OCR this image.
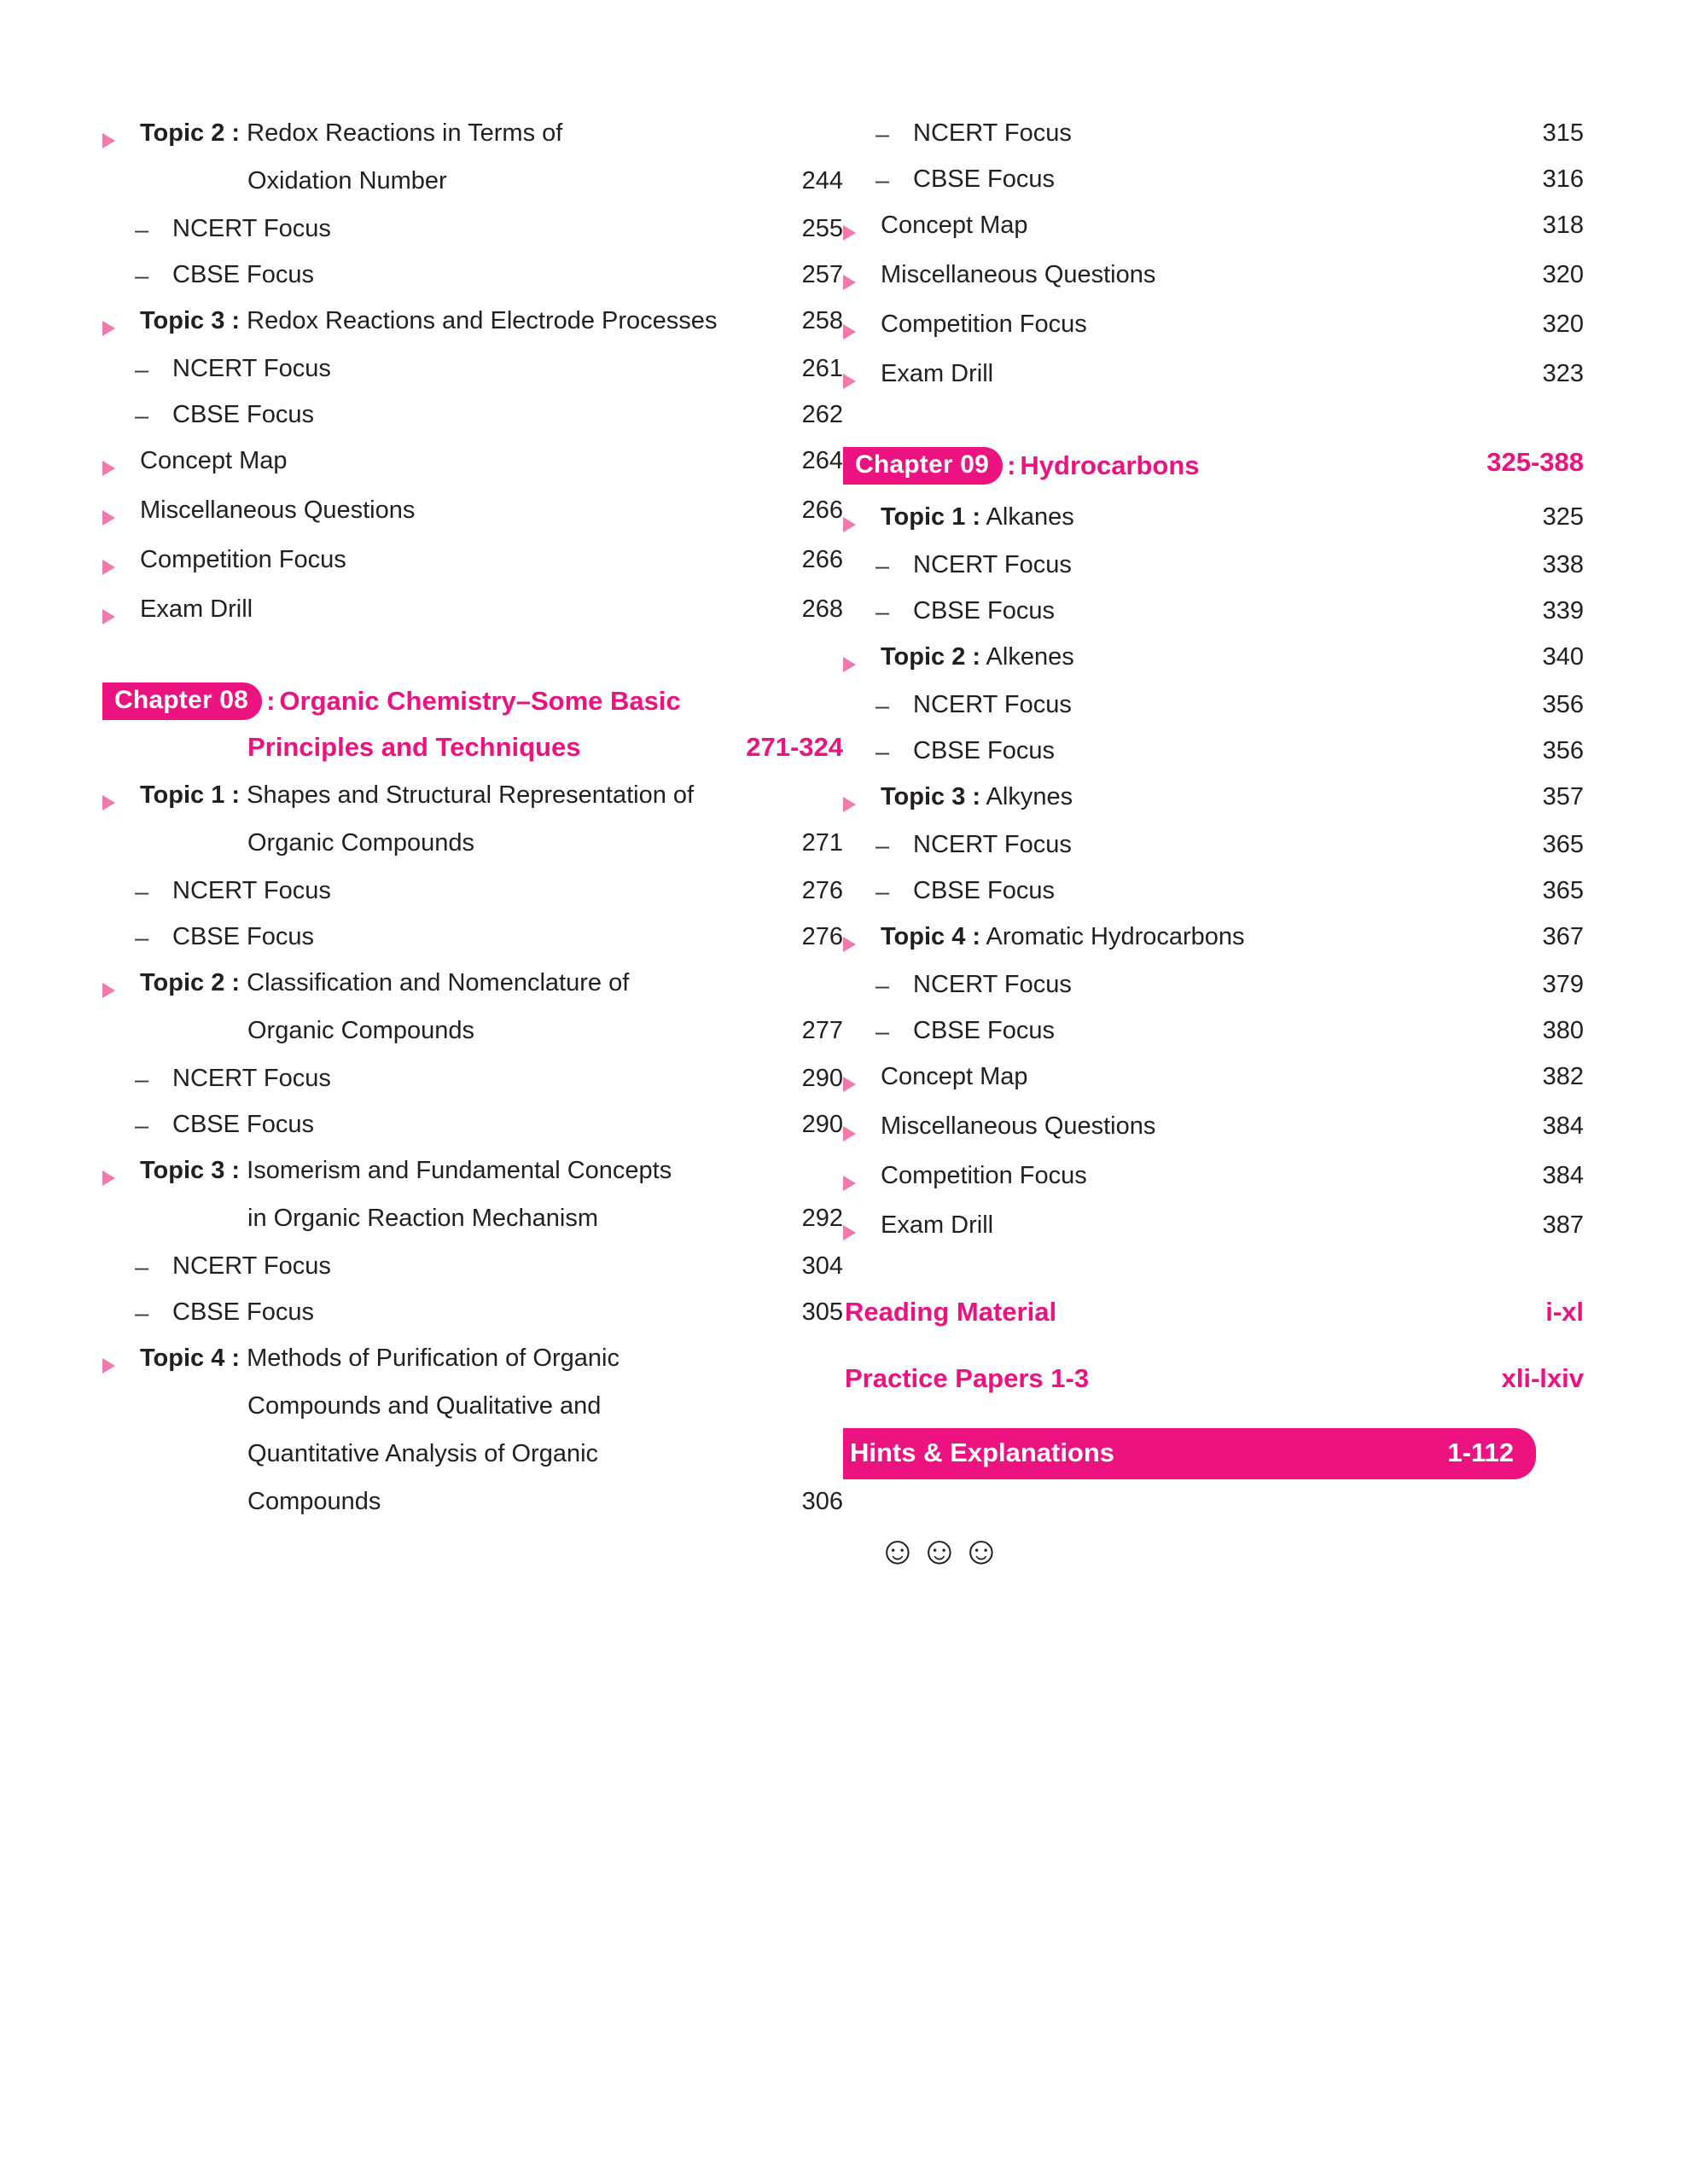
Topic 2 : Redox Reactions in Terms of
Oxidation Number	244
– NCERT Focus	255
– CBSE Focus	257
Topic 3 : Redox Reactions and Electrode Processes	258
– NCERT Focus	261
– CBSE Focus	262
Concept Map	264
Miscellaneous Questions	266
Competition Focus	266
Exam Drill	268
Chapter 08 : Organic Chemistry–Some Basic
Principles and Techniques	271-324
Topic 1 : Shapes and Structural Representation of
Organic Compounds	271
– NCERT Focus	276
– CBSE Focus	276
Topic 2 : Classification and Nomenclature of
Organic Compounds	277
– NCERT Focus	290
– CBSE Focus	290
Topic 3 : Isomerism and Fundamental Concepts
in Organic Reaction Mechanism	292
– NCERT Focus	304
– CBSE Focus	305
Topic 4 : Methods of Purification of Organic
Compounds and Qualitative and
Quantitative Analysis of Organic
Compounds	306
– NCERT Focus	315
– CBSE Focus	316
Concept Map	318
Miscellaneous Questions	320
Competition Focus	320
Exam Drill	323
Chapter 09 : Hydrocarbons	325-388
Topic 1 : Alkanes	325
– NCERT Focus	338
– CBSE Focus	339
Topic 2 : Alkenes	340
– NCERT Focus	356
– CBSE Focus	356
Topic 3 : Alkynes	357
– NCERT Focus	365
– CBSE Focus	365
Topic 4 : Aromatic Hydrocarbons	367
– NCERT Focus	379
– CBSE Focus	380
Concept Map	382
Miscellaneous Questions	384
Competition Focus	384
Exam Drill	387
Reading Material	i-xl
Practice Papers 1-3	xli-lxiv
Hints & Explanations	1-112
☺☺☺
